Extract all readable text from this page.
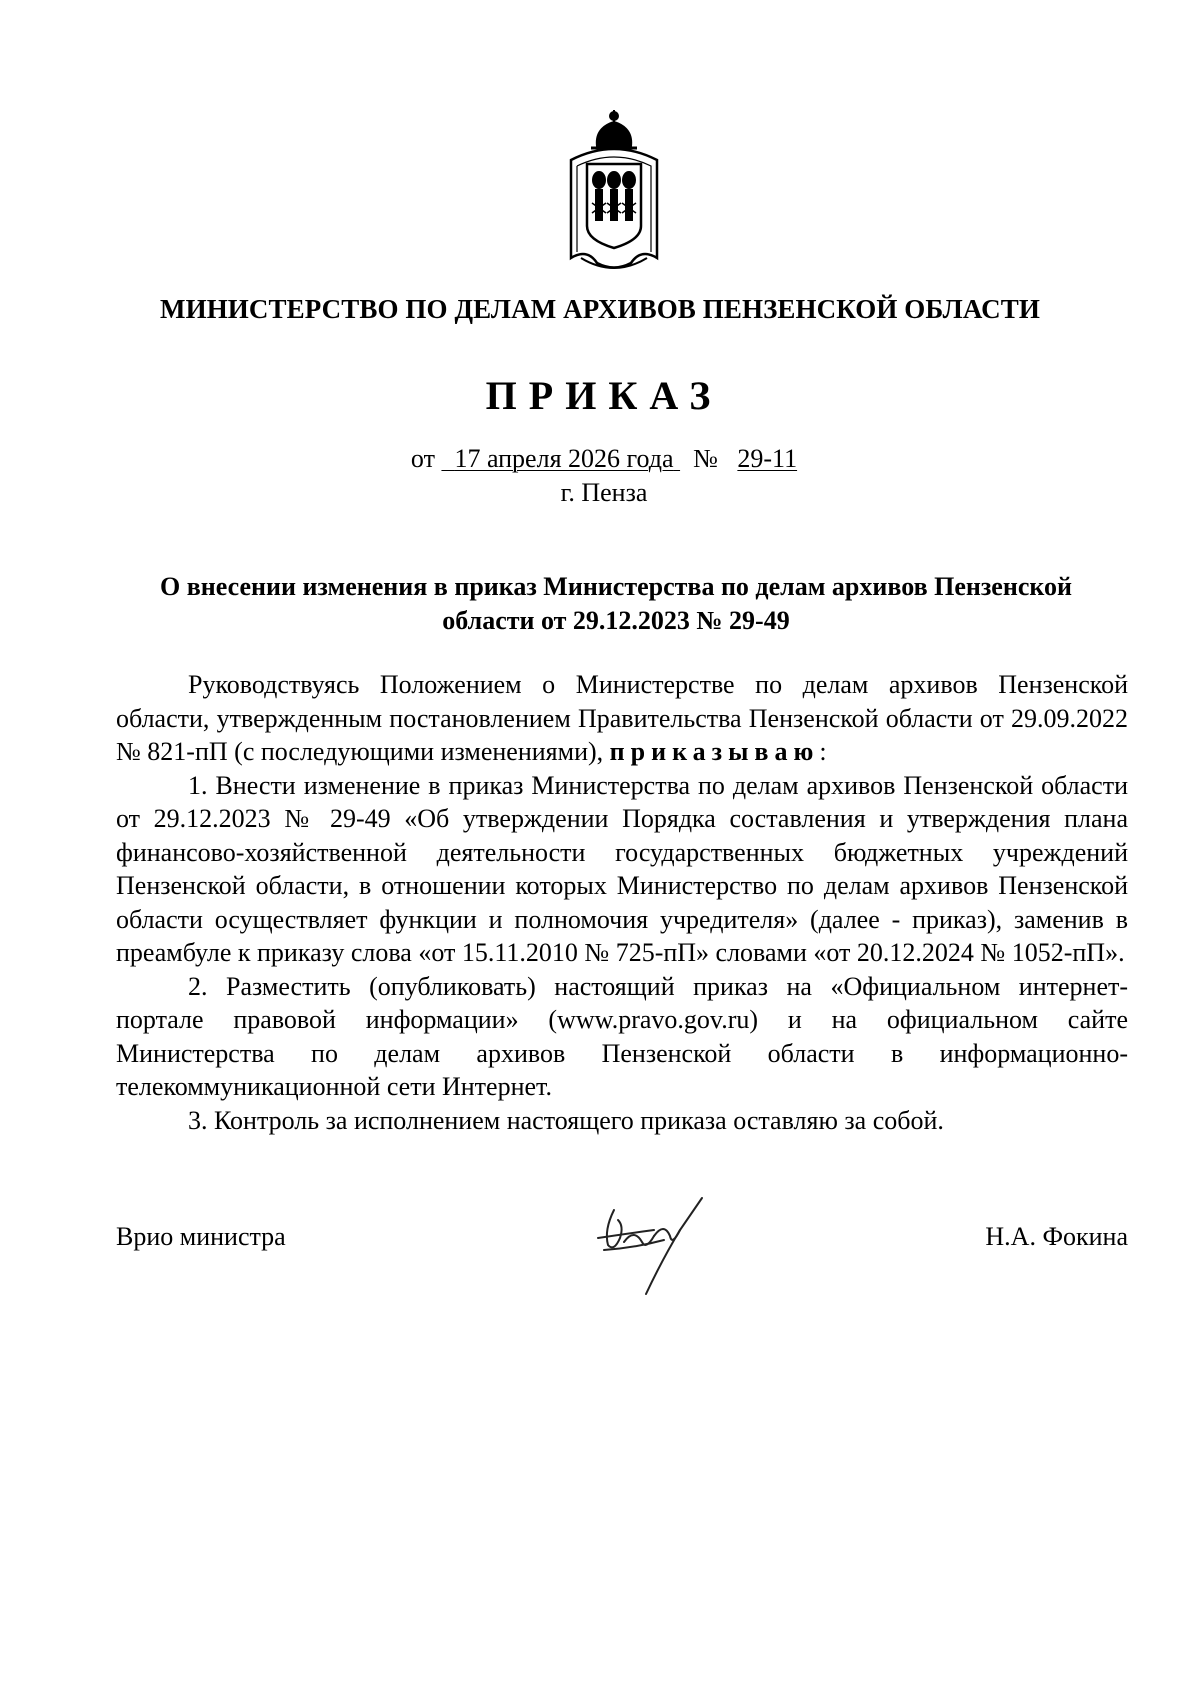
МИНИСТЕРСТВО ПО ДЕЛАМ АРХИВОВ ПЕНЗЕНСКОЙ ОБЛАСТИ
ПРИКАЗ
от 17 апреля 2026 года № 29-11
г. Пенза
О внесении изменения в приказ Министерства по делам архивов Пензенской области от 29.12.2023 № 29-49

Руководствуясь Положением о Министерстве по делам архивов Пензенской области, утвержденным постановлением Правительства Пензенской области от 29.09.2022 № 821-пП (с последующими изменениями), приказываю:

1. Внести изменение в приказ Министерства по делам архивов Пензенской области от 29.12.2023 № 29-49 «Об утверждении Порядка составления и утверждения плана финансово-хозяйственной деятельности государственных бюджетных учреждений Пензенской области, в отношении которых Министерство по делам архивов Пензенской области осуществляет функции и полномочия учредителя» (далее - приказ), заменив в преамбуле к приказу слова «от 15.11.2010 № 725-пП» словами «от 20.12.2024 № 1052-пП».

2. Разместить (опубликовать) настоящий приказ на «Официальном интернет-портале правовой информации» (www.pravo.gov.ru) и на официальном сайте Министерства по делам архивов Пензенской области в информационно-телекоммуникационной сети Интернет.

3. Контроль за исполнением настоящего приказа оставляю за собой.

Врио министра	Н.А. Фокина
